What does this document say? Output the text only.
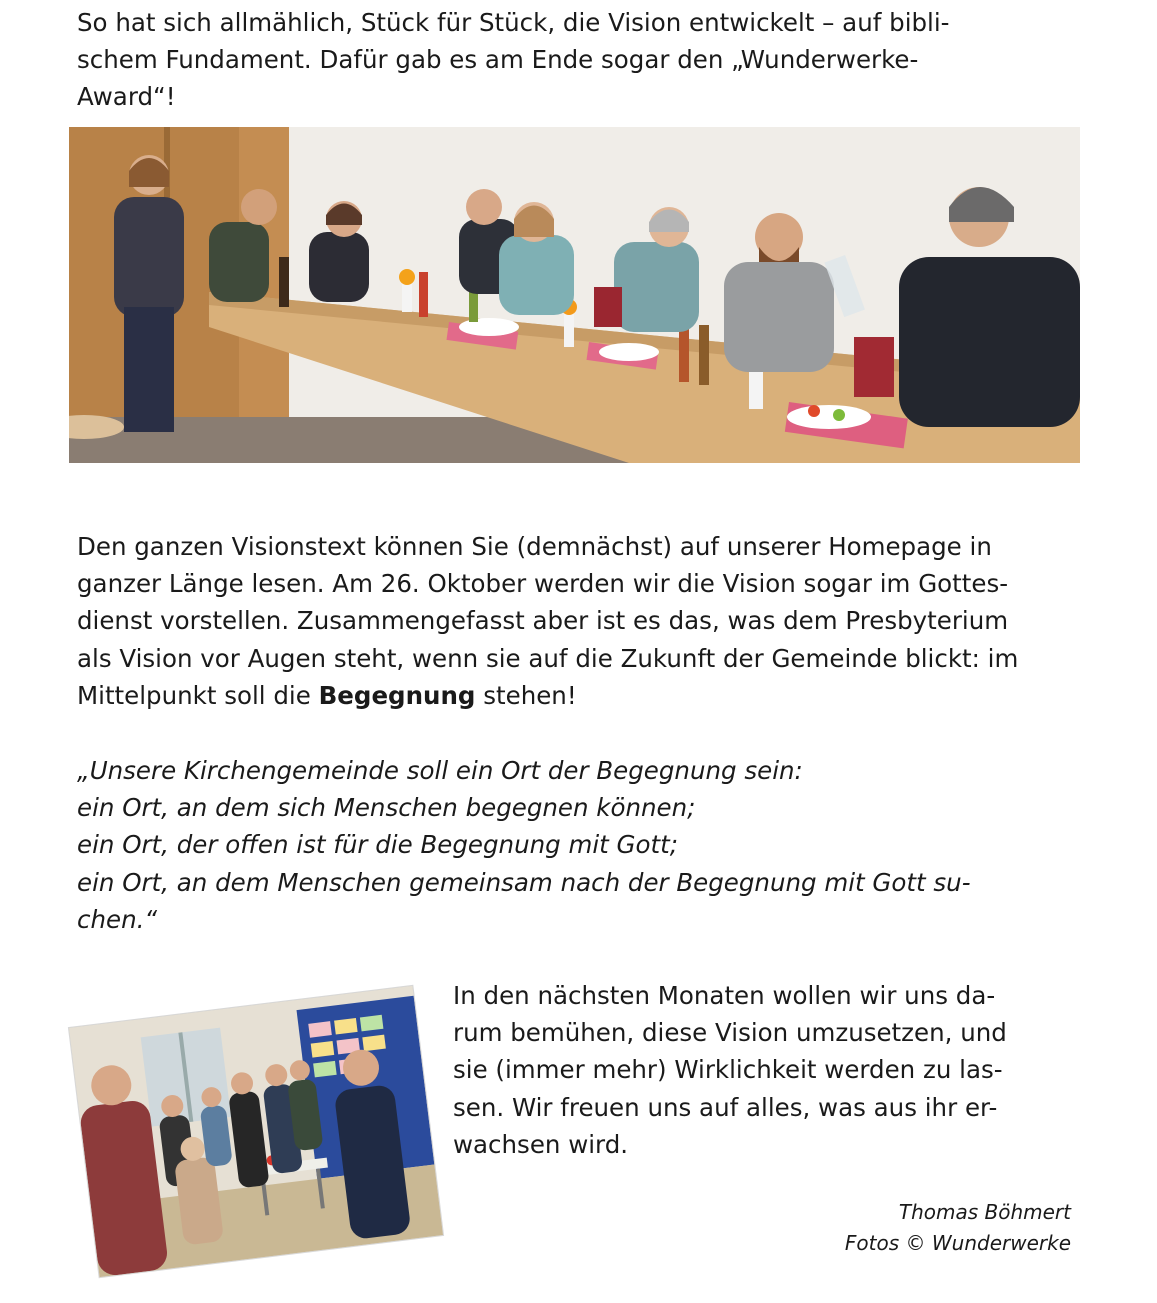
So hat sich allmählich, Stück für Stück, die Vision entwickelt – auf bibli-
schem Fundament. Dafür gab es am Ende sogar den „Wunderwerke-
Award“!
Den ganzen Visionstext können Sie (demnächst) auf unserer Homepage in
ganzer Länge lesen. Am 26. Oktober werden wir die Vision sogar im Gottes-
dienst vorstellen. Zusammengefasst aber ist es das, was dem Presbyterium
als Vision vor Augen steht, wenn sie auf die Zukunft der Gemeinde blickt: im
Mittelpunkt soll die Begegnung stehen!
„Unsere Kirchengemeinde soll ein Ort der Begegnung sein:
ein Ort, an dem sich Menschen begegnen können;
ein Ort, der offen ist für die Begegnung mit Gott;
ein Ort, an dem Menschen gemeinsam nach der Begegnung mit Gott su-
chen.“
In den nächsten Monaten wollen wir uns da-
rum bemühen, diese Vision umzusetzen, und
sie (immer mehr) Wirklichkeit werden zu las-
sen. Wir freuen uns auf alles, was aus ihr er-
wachsen wird.
Thomas Böhmert
Fotos © Wunderwerke
